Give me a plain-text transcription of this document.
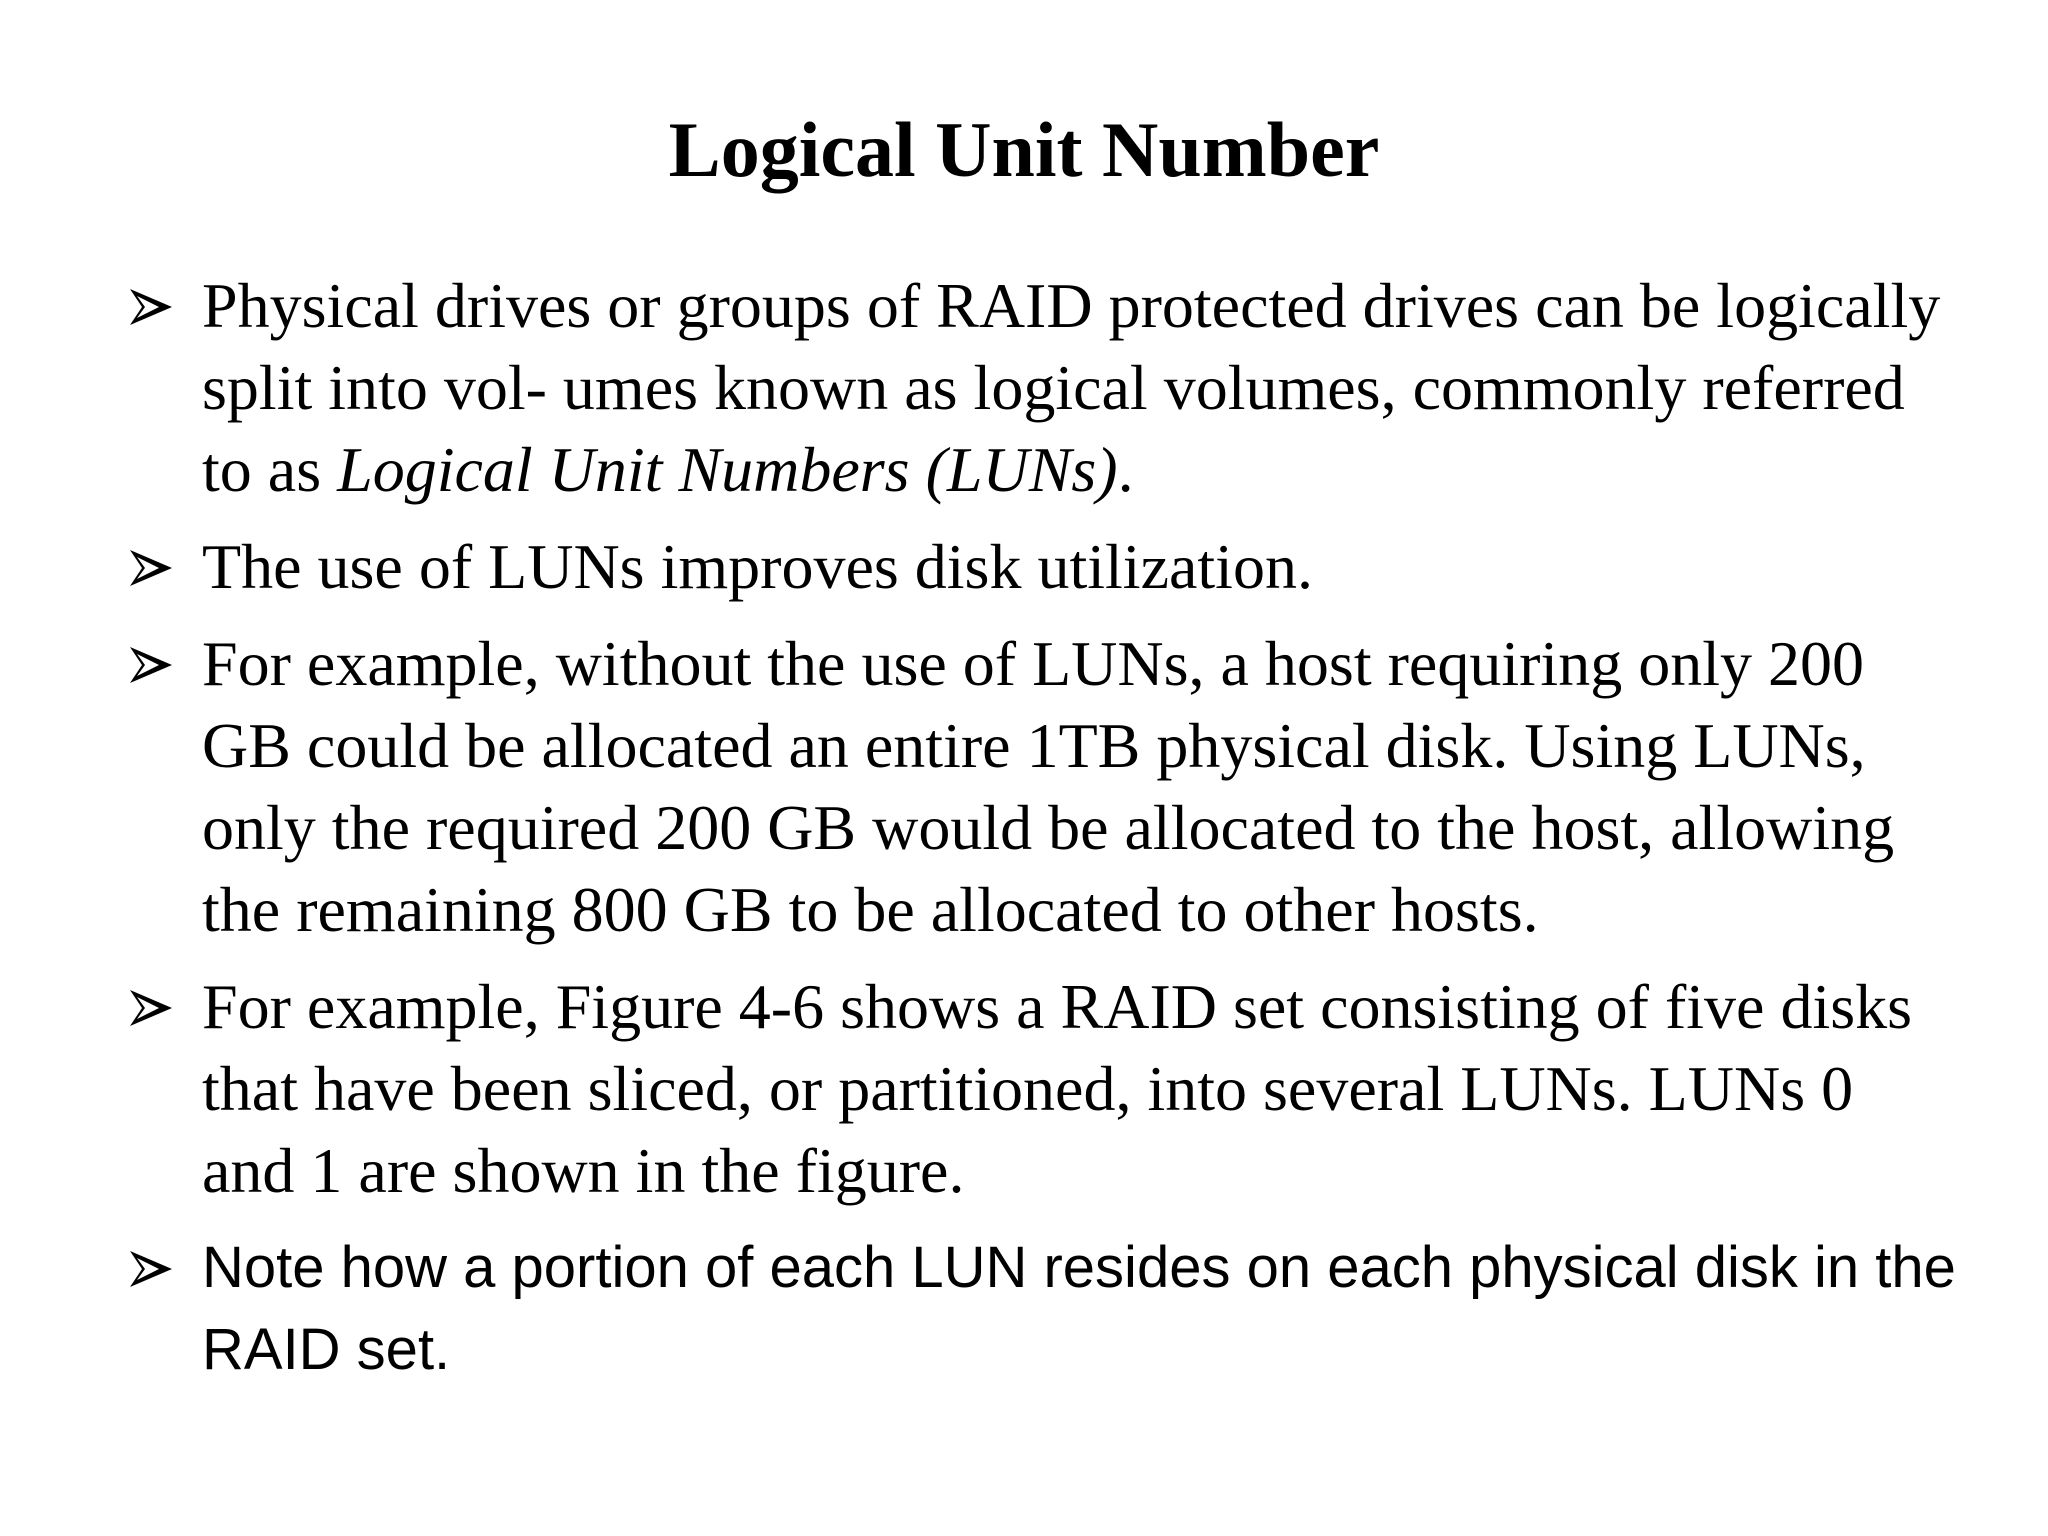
Logical Unit Number
Physical drives or groups of RAID protected drives can be logically split into vol- umes known as logical volumes, commonly referred to as Logical Unit Numbers (LUNs).
The use of LUNs improves disk utilization.
For example, without the use of LUNs, a host requiring only 200 GB could be allocated an entire 1TB physical disk. Using LUNs, only the required 200 GB would be allocated to the host, allowing the remaining 800 GB to be allocated to other hosts.
For example, Figure 4-6 shows a RAID set consisting of five disks that have been sliced, or partitioned, into several LUNs. LUNs 0 and 1 are shown in the figure.
Note how a portion of each LUN resides on each physical disk in the RAID set.
